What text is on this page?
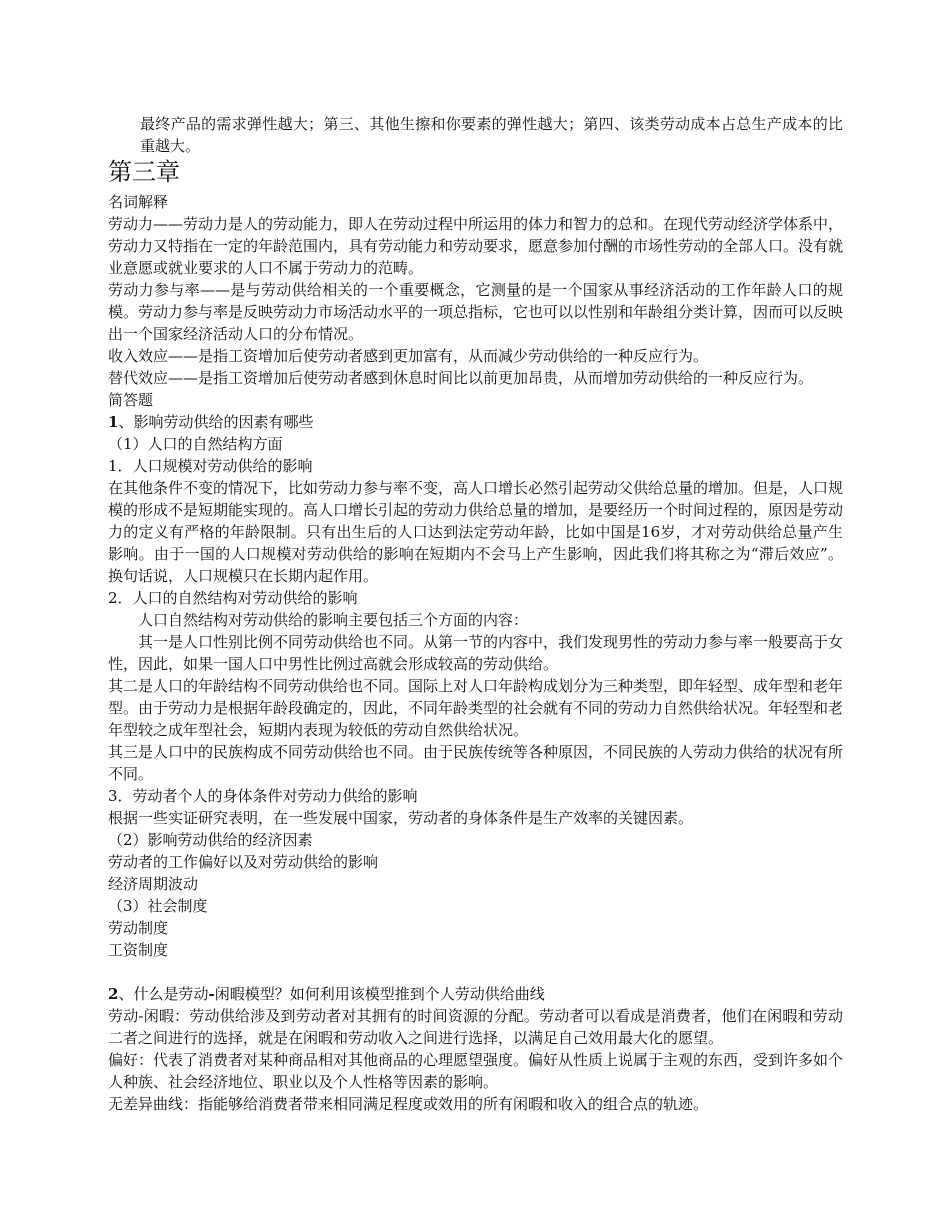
最终产品的需求弹性越大；第三、其他生擦和你要素的弹性越大；第四、该类劳动成本占总生产成本的比重越大。

第三章

名词解释

劳动力——劳动力是人的劳动能力，即人在劳动过程中所运用的体力和智力的总和。在现代劳动经济学体系中，劳动力又特指在一定的年龄范围内，具有劳动能力和劳动要求，愿意参加付酬的市场性劳动的全部人口。没有就业意愿或就业要求的人口不属于劳动力的范畴。

劳动力参与率——是与劳动供给相关的一个重要概念，它测量的是一个国家从事经济活动的工作年龄人口的规模。劳动力参与率是反映劳动力市场活动水平的一项总指标，它也可以以性别和年龄组分类计算，因而可以反映出一个国家经济活动人口的分布情况。

收入效应——是指工资增加后使劳动者感到更加富有，从而减少劳动供给的一种反应行为。

替代效应——是指工资增加后使劳动者感到休息时间比以前更加昂贵，从而增加劳动供给的一种反应行为。

简答题

1、影响劳动供给的因素有哪些

（1）人口的自然结构方面

1．人口规模对劳动供给的影响

在其他条件不变的情况下，比如劳动力参与率不变，高人口增长必然引起劳动父供给总量的增加。但是，人口规模的形成不是短期能实现的。高人口增长引起的劳动力供给总量的增加，是要经历一个时间过程的，原因是劳动力的定义有严格的年龄限制。只有出生后的人口达到法定劳动年龄，比如中国是16岁，才对劳动供给总量产生影响。由于一国的人口规模对劳动供给的影响在短期内不会马上产生影响，因此我们将其称之为“滞后效应”。换句话说，人口规模只在长期内起作用。

2．人口的自然结构对劳动供给的影响

人口自然结构对劳动供给的影响主要包括三个方面的内容：

其一是人口性别比例不同劳动供给也不同。从第一节的内容中，我们发现男性的劳动力参与率一般要高于女性，因此，如果一国人口中男性比例过高就会形成较高的劳动供给。

其二是人口的年龄结构不同劳动供给也不同。国际上对人口年龄构成划分为三种类型，即年轻型、成年型和老年型。由于劳动力是根据年龄段确定的，因此，不同年龄类型的社会就有不同的劳动力自然供给状况。年轻型和老年型较之成年型社会，短期内表现为较低的劳动自然供给状况。

其三是人口中的民族构成不同劳动供给也不同。由于民族传统等各种原因，不同民族的人劳动力供给的状况有所不同。

3．劳动者个人的身体条件对劳动力供给的影响

根据一些实证研究表明，在一些发展中国家，劳动者的身体条件是生产效率的关键因素。

（2）影响劳动供给的经济因素

劳动者的工作偏好以及对劳动供给的影响

经济周期波动

（3）社会制度

劳动制度

工资制度

2、什么是劳动-闲暇模型？如何利用该模型推到个人劳动供给曲线

劳动-闲暇：劳动供给涉及到劳动者对其拥有的时间资源的分配。劳动者可以看成是消费者，他们在闲暇和劳动二者之间进行的选择，就是在闲暇和劳动收入之间进行选择，以满足自己效用最大化的愿望。

偏好：代表了消费者对某种商品相对其他商品的心理愿望强度。偏好从性质上说属于主观的东西，受到许多如个人种族、社会经济地位、职业以及个人性格等因素的影响。

无差异曲线：指能够给消费者带来相同满足程度或效用的所有闲暇和收入的组合点的轨迹。
